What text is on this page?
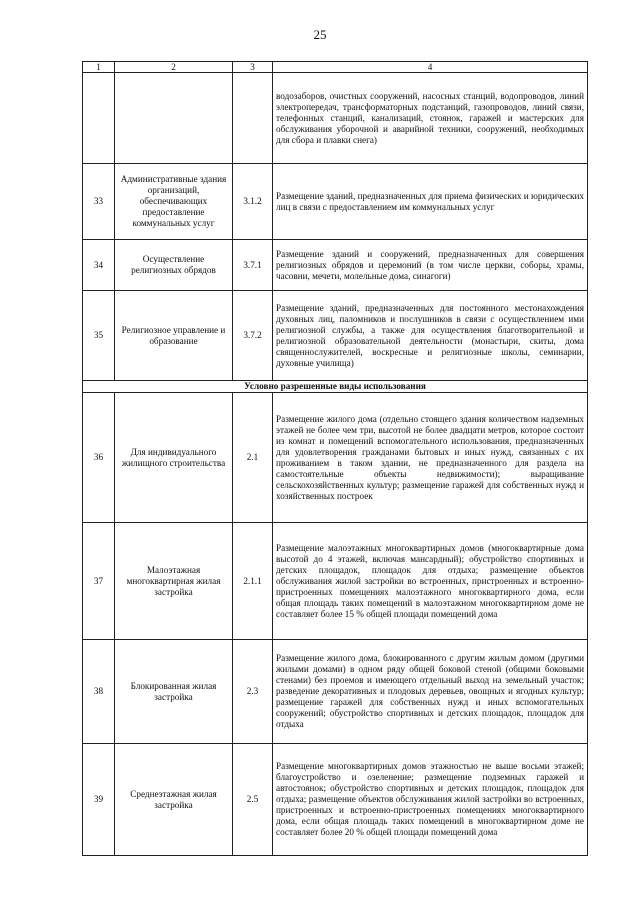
25
1	2	3	4
			водозаборов, очистных сооружений, насосных станций, водопроводов, линий электропередач, трансформаторных подстанций, газопроводов, линий связи, телефонных станций, канализаций, стоянок, гаражей и мастерских для обслуживания уборочной и аварийной техники, сооружений, необходимых для сбора и плавки снега)
33	Административные здания организаций, обеспечивающих предоставление коммунальных услуг	3.1.2	Размещение зданий, предназначенных для приема физических и юридических лиц в связи с предоставлением им коммунальных услуг
34	Осуществление религиозных обрядов	3.7.1	Размещение зданий и сооружений, предназначенных для совершения религиозных обрядов и церемоний (в том числе церкви, соборы, храмы, часовни, мечети, молельные дома, синагоги)
35	Религиозное управление и образование	3.7.2	Размещение зданий, предназначенных для постоянного местонахождения духовных лиц, паломников и послушников в связи с осуществлением ими религиозной службы, а также для осуществления благотворительной и религиозной образовательной деятельности (монастыри, скиты, дома священнослужителей, воскресные и религиозные школы, семинарии, духовные училища)
Условно разрешенные виды использования			
36	Для индивидуального жилищного строительства	2.1	Размещение жилого дома (отдельно стоящего здания количеством надземных этажей не более чем три, высотой не более двадцати метров, которое состоит из комнат и помещений вспомогательного использования, предназначенных для удовлетворения гражданами бытовых и иных нужд, связанных с их проживанием в таком здании, не предназначенного для раздела на самостоятельные объекты недвижимости); выращивание сельскохозяйственных культур; размещение гаражей для собственных нужд и хозяйственных построек
37	Малоэтажная многоквартирная жилая застройка	2.1.1	Размещение малоэтажных многоквартирных домов (многоквартирные дома высотой до 4 этажей, включая мансардный); обустройство спортивных и детских площадок, площадок для отдыха; размещение объектов обслуживания жилой застройки во встроенных, пристроенных и встроенно-пристроенных помещениях малоэтажного многоквартирного дома, если общая площадь таких помещений в малоэтажном многоквартирном доме не составляет более 15 % общей площади помещений дома
38	Блокированная жилая застройка	2.3	Размещение жилого дома, блокированного с другим жилым домом (другими жилыми домами) в одном ряду общей боковой стеной (общими боковыми стенами) без проемов и имеющего отдельный выход на земельный участок; разведение декоративных и плодовых деревьев, овощных и ягодных культур; размещение гаражей для собственных нужд и иных вспомогательных сооружений; обустройство спортивных и детских площадок, площадок для отдыха
39	Среднеэтажная жилая застройка	2.5	Размещение многоквартирных домов этажностью не выше восьми этажей; благоустройство и озеленение; размещение подземных гаражей и автостоянок; обустройство спортивных и детских площадок, площадок для отдыха; размещение объектов обслуживания жилой застройки во встроенных, пристроенных и встроенно-пристроенных помещениях многоквартирного дома, если общая площадь таких помещений в многоквартирном доме не составляет более 20 % общей площади помещений дома
